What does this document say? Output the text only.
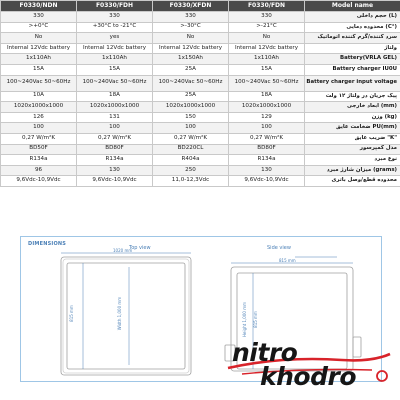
F0330/NDN	F0330/FDH	F0330/XFDN	F0330/FDN	Model name
330	330	330	330	حجم داخلی (L)
>+0°C	+30°C to -21°C	>-30°C	>-21°C	محدوده دمایی (C°)
No	yes	No	No	سرد کننده/گرم کننده اتوماتیک
Internal 12Vdc battery	Internal 12Vdc battery	Internal 12Vdc battery	Internal 12Vdc battery	ولتاژ
1x110Ah	1x110Ah	1x150Ah	1x110Ah	Battery(VRLA GEL)
15A	15A	25A	15A	Battery charger IU0U
100~240Vac 50~60Hz	100~240Vac 50~60Hz	100~240Vac 50~60Hz	100~240Vac 50~60Hz	Battery charger input voltage
10A	18A	25A	18A	پیک جریان در ولتاژ ۱۲ ولت
1020x1000x1000	1020x1000x1000	1020x1000x1000	1020x1000x1000	ابعاد خارجی (mm)
126	131	150	129	وزن (kg)
100	100	100	100	ضخامت عایق PU(mm)
0,27 W/m²K	0,27 W/m²K	0,27 W/m²K	0,27 W/m²K	ضریب عایق "K"
BD50F	BD80F	BD220CL	BD80F	مدل کمپرسور
R134a	R134a	R404a	R134a	نوع مبرد
96	130	250	130	میزان شارژ مبرد (grams)
9,6Vdc-10,9Vdc	9,6Vdc-10,9Vdc	11,0-12,3Vdc	9,6Vdc-10,9Vdc	محدوده قطع/وصل باتری
DIMENSIONS
Top view	Side view
1020 mm
815 mm	Width 1,000 mm
815 mm
Height 1,000 mm 815 mm
nitro
khodro
